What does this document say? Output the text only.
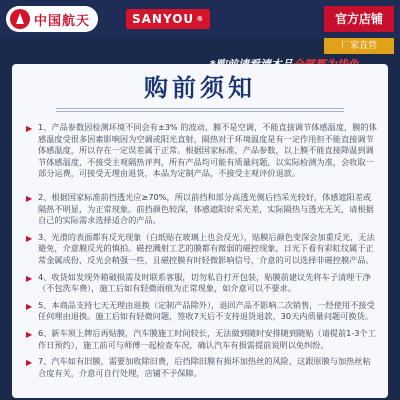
中国航天	SANYOU ®	官方店铺
厂家直营
购前须知
▶ 1、产品参数因检测环境不同会有±3% 的波动，膜不是空调，不能直接调节体感温度，膜的体感温度受很多因素影响因为空调或阳光直射，隔热对于环境温度是有一定作用但不能直接调节体感温度，所以存在一定误差属于正常。根据国家标准，产品参数，以上膜不能直接降温到调节体感温度，不接受主观隔热评判，所有产品均可能有质量问题，以实际检测为准，会收取一部分运费，可接受无理由退货，本品为定制产品，不接受主观评价退款。
▶ 2、根据国家标准前挡透光应≥70%，所以前挡和部分高透光侧后挡采光较好，体感遮阳差或隔热不明显，为正常现象。前挡颜色较深，体感遮阳好采光差，实际隔热与透光无关，请根据自己的实际需求选择适合的产品。
▶ 3、光滑的表面都有反光现象（白纸贴在玻璃上也会反光），贴膜后颜色变深会加重反光，无法避免，介意膜反光的慎拍。磁控溅射工艺的膜都有微弱的磁控现象，日光下看有彩虹纹属于正常金属成份，反光会稍强一些，且磁控膜有时轻微影响信号，介意的可以选择非磁控膜产品。
▶ 4、收货如发现外箱破损需及时联系客服，切勿私自打开包装，贴膜前建议先将车子清理干净（不包洗车费），施工后如有轻微雨痕为正常现象，如介意可以不要求。
▶ 5、本商品支持七天无理由退换（定制产品除外），退回产品不影响二次销售，一经使用不接受任何理由退换。施工后如有轻微问题，签收7天后不支持退货退款，30天内质量问题可换货。
▶ 6、新车须上牌后再贴膜，汽车膜施工时间较长，无法做到随时安排随到随贴（请提前1-3个工作日预约），施工前可与师傅一起检查车况，确认汽车有损需提前说明以免纠纷。
▶ 7、汽车如有旧膜，需要加收除旧费，后挡除旧膜有损坏加热丝的风险，这跟原膜与加热丝粘合度有关，介意可自行处理，店铺不予保障。
